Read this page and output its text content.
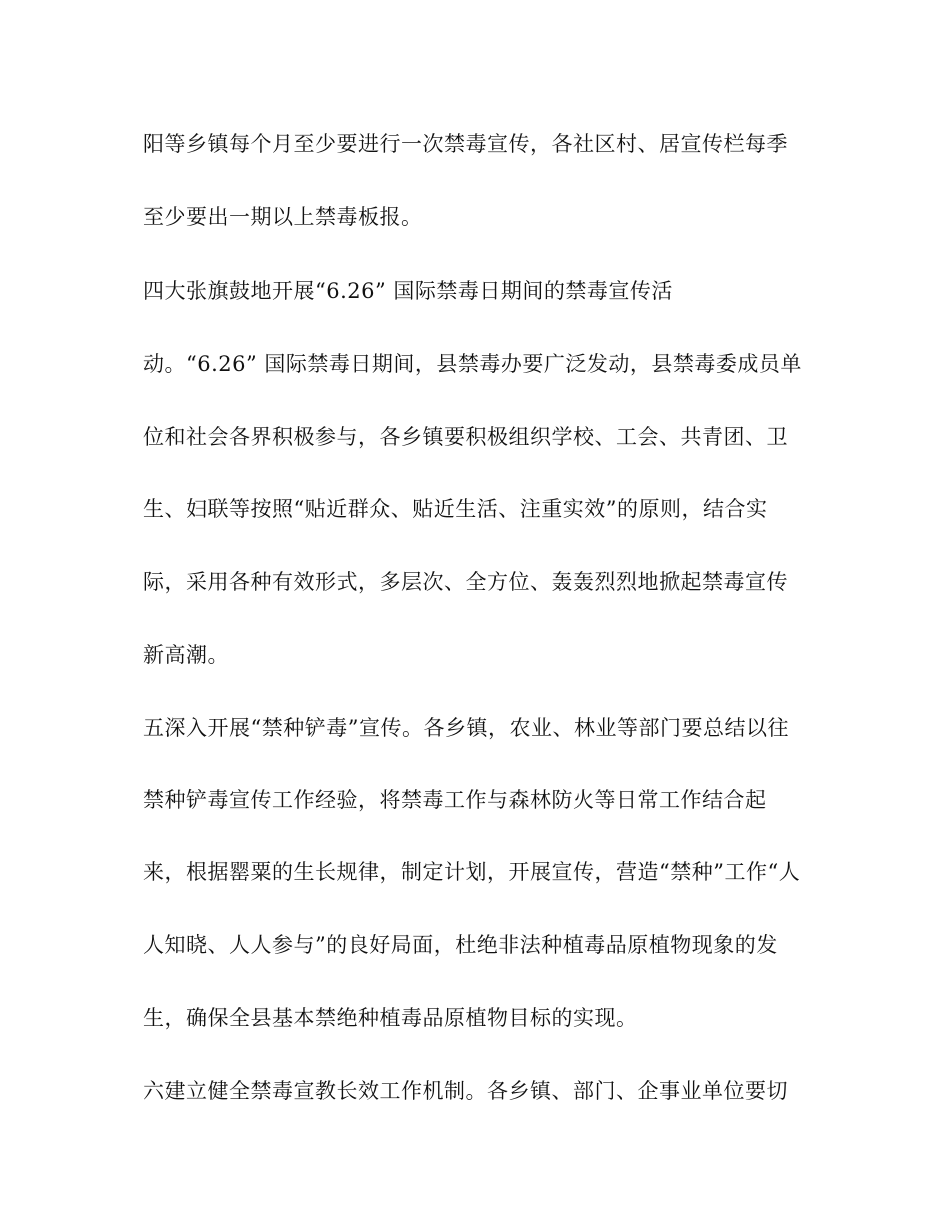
阳等乡镇每个月至少要进行一次禁毒宣传，各社区村、居宣传栏每季

至少要出一期以上禁毒板报。

四大张旗鼓地开展“6.26” 国际禁毒日期间的禁毒宣传活

动。“6.26” 国际禁毒日期间，县禁毒办要广泛发动，县禁毒委成员单

位和社会各界积极参与，各乡镇要积极组织学校、工会、共青团、卫

生、妇联等按照“贴近群众、贴近生活、注重实效”的原则，结合实

际，采用各种有效形式，多层次、全方位、轰轰烈烈地掀起禁毒宣传

新高潮。

五深入开展“禁种铲毒”宣传。各乡镇，农业、林业等部门要总结以往

禁种铲毒宣传工作经验，将禁毒工作与森林防火等日常工作结合起

来，根据罂粟的生长规律，制定计划，开展宣传，营造“禁种”工作“人

人知晓、人人参与”的良好局面，杜绝非法种植毒品原植物现象的发

生，确保全县基本禁绝种植毒品原植物目标的实现。

六建立健全禁毒宣教长效工作机制。各乡镇、部门、企事业单位要切
